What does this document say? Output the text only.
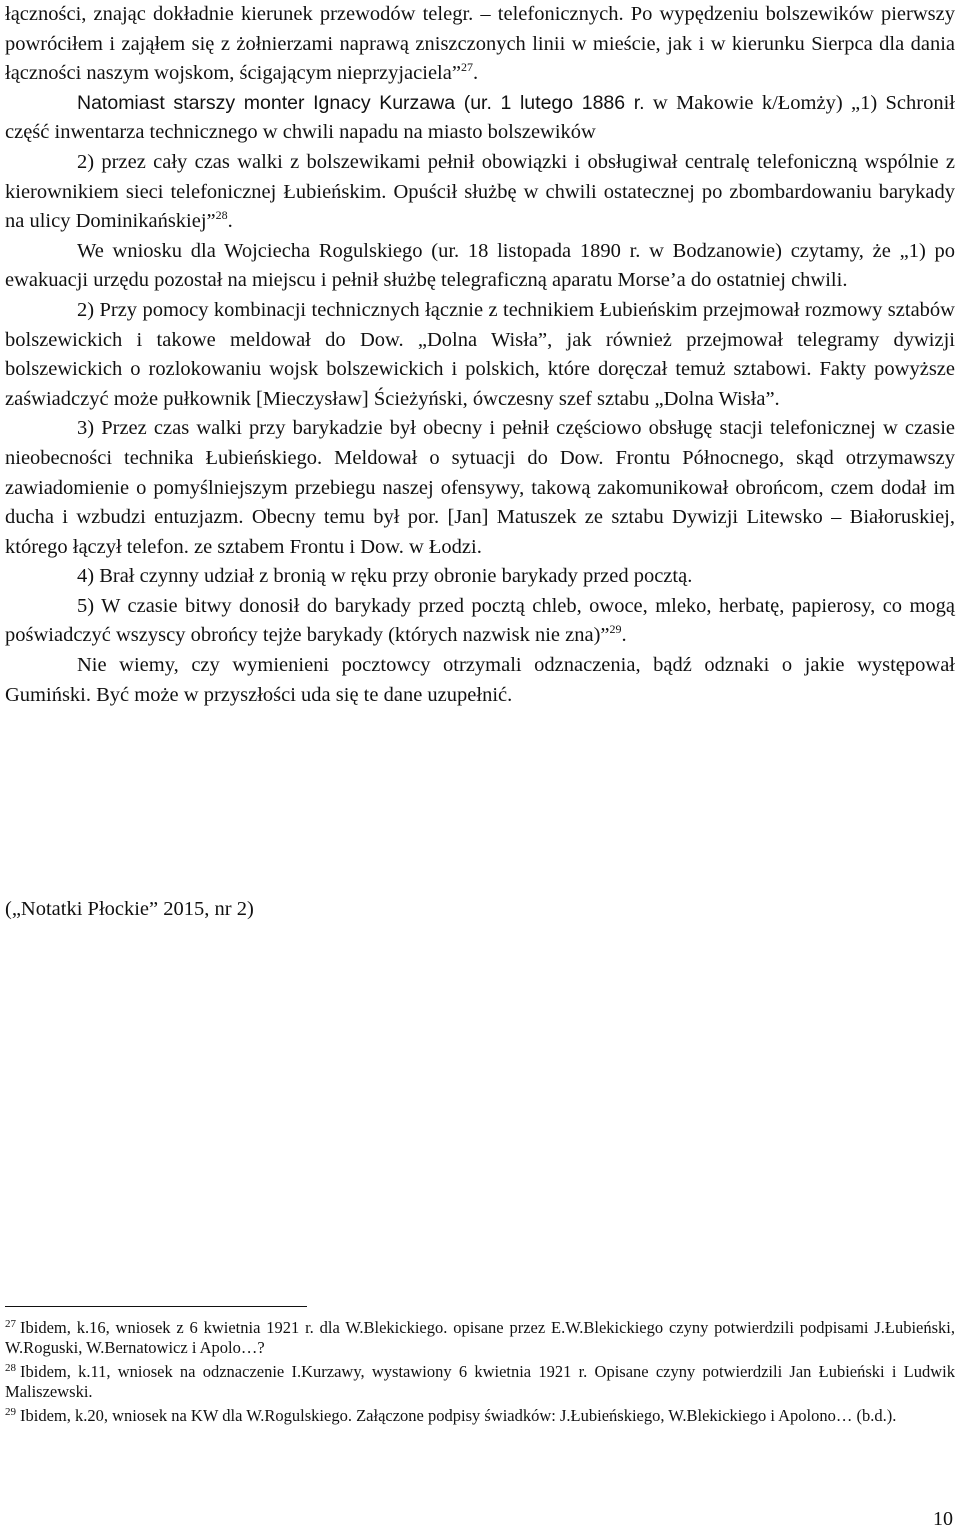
łączności, znając dokładnie kierunek przewodów telegr. – telefonicznych. Po wypędzeniu bolszewików pierwszy powróciłem i zająłem się z żołnierzami naprawą zniszczonych linii w mieście, jak i w kierunku Sierpca dla dania łączności naszym wojskom, ścigającym nieprzyjaciela”$^{27}$.

Natomiast starszy monter Ignacy Kurzawa (ur. 1 lutego 1886 r. w Makowie k/Łomży) „1) Schronił część inwentarza technicznego w chwili napadu na miasto bolszewików

2) przez cały czas walki z bolszewikami pełnił obowiązki i obsługiwał centralę telefoniczną wspólnie z kierownikiem sieci telefonicznej Łubieńskim. Opuścił służbę w chwili ostatecznej po zbombardowaniu barykady na ulicy Dominikańskiej”$^{28}$.

We wniosku dla Wojciecha Rogulskiego (ur. 18 listopada 1890 r. w Bodzanowie) czytamy, że „1) po ewakuacji urzędu pozostał na miejscu i pełnił służbę telegraficzną aparatu Morse’a do ostatniej chwili.

2) Przy pomocy kombinacji technicznych łącznie z technikiem Łubieńskim przejmował rozmowy sztabów bolszewickich i takowe meldował do Dow. „Dolna Wisła”, jak również przejmował telegramy dywizji bolszewickich o rozlokowaniu wojsk bolszewickich i polskich, które doręczał temuż sztabowi. Fakty powyższe zaświadczyć może pułkownik [Mieczysław] Ścieżyński, ówczesny szef sztabu „Dolna Wisła”.

3) Przez czas walki przy barykadzie był obecny i pełnił częściowo obsługę stacji telefonicznej w czasie nieobecności technika Łubieńskiego. Meldował o sytuacji do Dow. Frontu Północnego, skąd otrzymawszy zawiadomienie o pomyślniejszym przebiegu naszej ofensywy, takową zakomunikował obrońcom, czem dodał im ducha i wzbudzi entuzjazm. Obecny temu był por. [Jan] Matuszek ze sztabu Dywizji Litewsko – Białoruskiej, którego łączył telefon. ze sztabem Frontu i Dow. w Łodzi.

4) Brał czynny udział z bronią w ręku przy obronie barykady przed pocztą.

5) W czasie bitwy donosił do barykady przed pocztą chleb, owoce, mleko, herbatę, papierosy, co mogą poświadczyć wszyscy obrońcy tejże barykady (których nazwisk nie zna)”$^{29}$.

Nie wiemy, czy wymienieni pocztowcy otrzymali odznaczenia, bądź odznaki o jakie występował Gumiński. Być może w przyszłości uda się te dane uzupełnić.

(„Notatki Płockie” 2015, nr 2)

$^{27}$ Ibidem, k.16, wniosek z 6 kwietnia 1921 r. dla W.Blekickiego. opisane przez E.W.Blekickiego czyny potwierdzili podpisami J.Łubieński, W.Roguski, W.Bernatowicz i Apolo…?

$^{28}$ Ibidem, k.11, wniosek na odznaczenie I.Kurzawy, wystawiony 6 kwietnia 1921 r. Opisane czyny potwierdzili Jan Łubieński i Ludwik Maliszewski.

$^{29}$ Ibidem, k.20, wniosek na KW dla W.Rogulskiego. Załączone podpisy świadków: J.Łubieńskiego, W.Blekickiego i Apolono… (b.d.).

10
